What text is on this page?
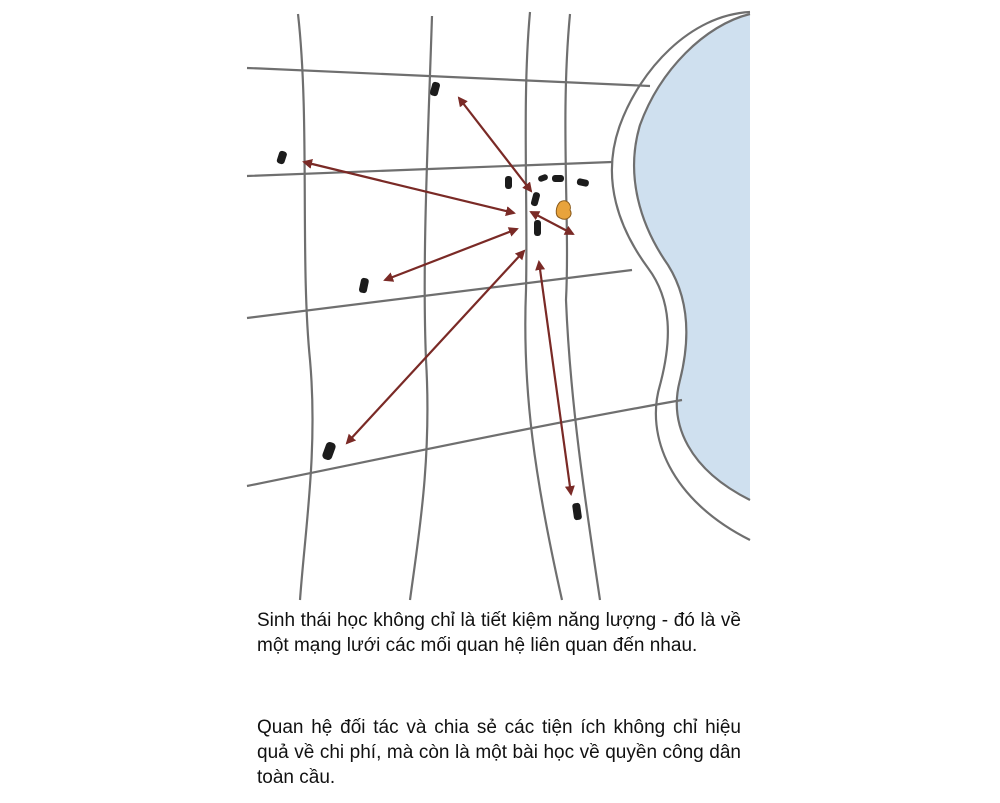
Sinh thái học không chỉ là tiết kiệm năng lượng - đó là về một mạng lưới các mối quan hệ liên quan đến nhau.

Quan hệ đối tác và chia sẻ các tiện ích không chỉ hiệu quả về chi phí, mà còn là một bài học về quyền công dân toàn cầu.
